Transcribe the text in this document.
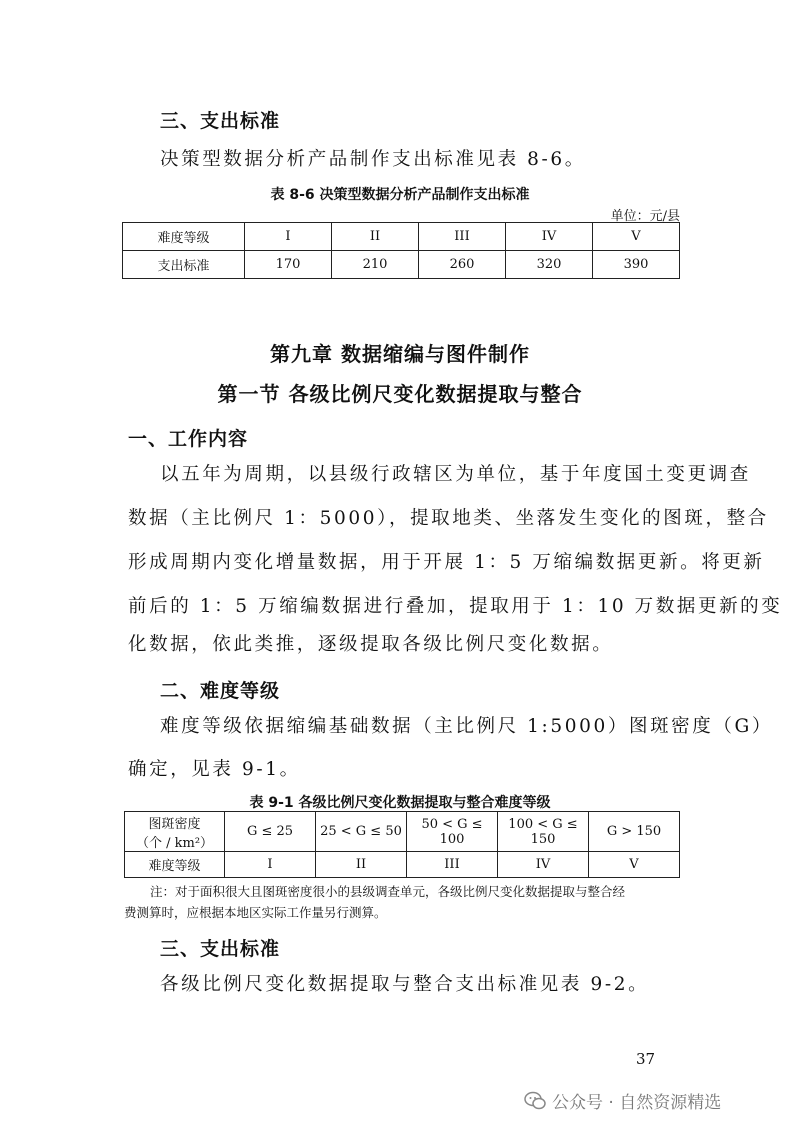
三、支出标准
决策型数据分析产品制作支出标准见表 8-6。
表 8-6 决策型数据分析产品制作支出标准
单位：元/县
难度等级	I	II	III	IV	V
支出标准	170	210	260	320	390
第九章 数据缩编与图件制作
第一节 各级比例尺变化数据提取与整合
一、工作内容
以五年为周期，以县级行政辖区为单位，基于年度国土变更调查
数据（主比例尺 1：5000），提取地类、坐落发生变化的图斑，整合
形成周期内变化增量数据，用于开展 1：5 万缩编数据更新。将更新
前后的 1：5 万缩编数据进行叠加，提取用于 1：10 万数据更新的变
化数据，依此类推，逐级提取各级比例尺变化数据。
二、难度等级
难度等级依据缩编基础数据（主比例尺 1:5000）图斑密度（G）
确定，见表 9-1。
表 9-1 各级比例尺变化数据提取与整合难度等级
图斑密度
（个 / km²）	G ≤ 25	25 < G ≤ 50	50 < G ≤ 100	100 < G ≤ 150	G > 150
难度等级	I	II	III	IV	V
注：对于面积很大且图斑密度很小的县级调查单元，各级比例尺变化数据提取与整合经
费测算时，应根据本地区实际工作量另行测算。
三、支出标准
各级比例尺变化数据提取与整合支出标准见表 9-2。
37
公众号 · 自然资源精选
